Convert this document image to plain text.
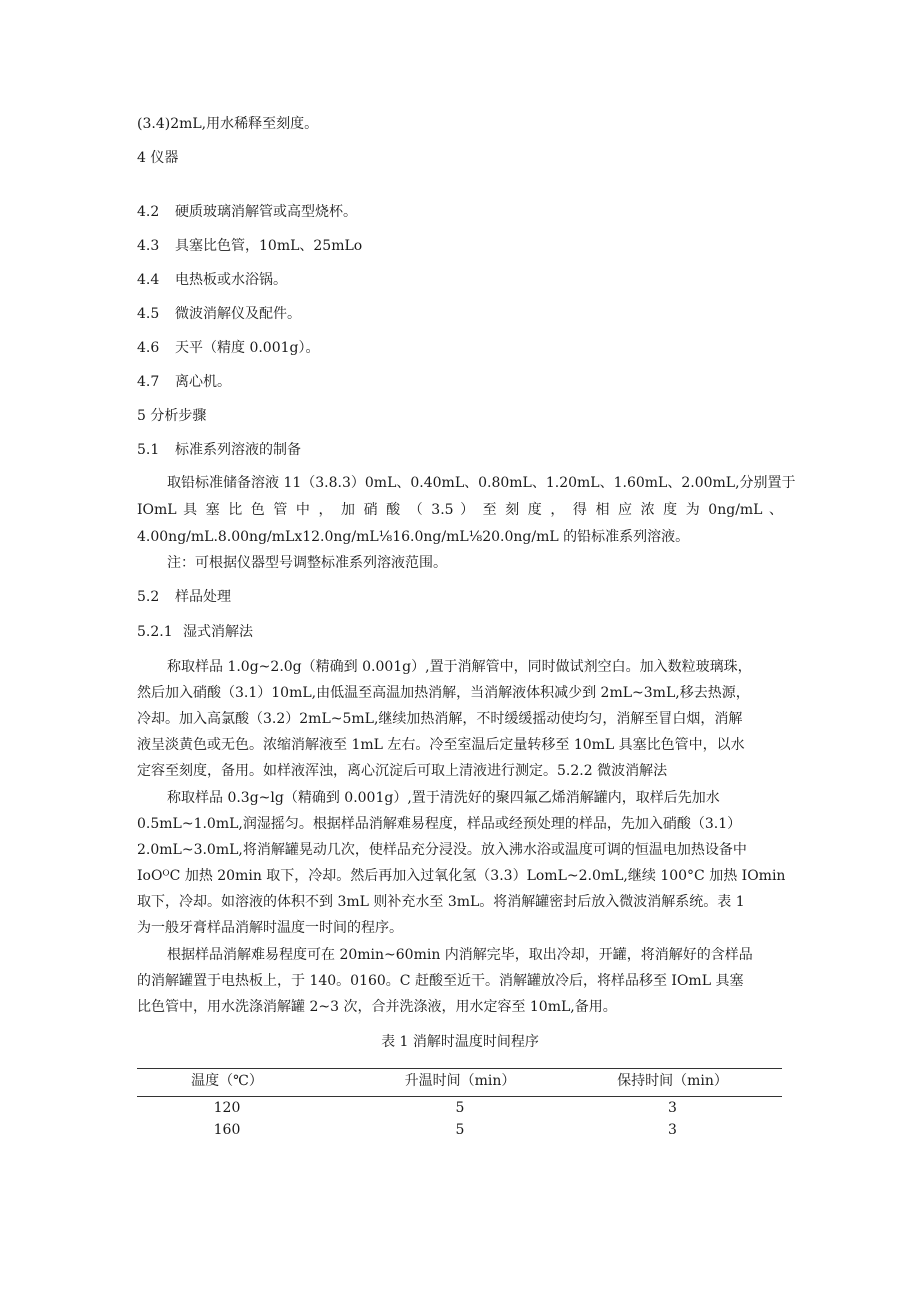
(3.4)2mL,用水稀释至刻度。
4 仪器
4.2 硬质玻璃消解管或高型烧杯。
4.3 具塞比色管，10mL、25mLo
4.4 电热板或水浴锅。
4.5 微波消解仪及配件。
4.6 天平（精度 0.001g）。
4.7 离心机。
5 分析步骤
5.1 标准系列溶液的制备
取铅标准储备溶液 11（3.8.3）0mL、0.40mL、0.80mL、1.20mL、1.60mL、2.00mL,分别置于
IOmL 具 塞 比 色 管 中 ， 加 硝 酸 （ 3.5 ） 至 刻 度 ， 得 相 应 浓 度 为 0ng/mL 、
4.00ng/mL.8.00ng/mLx12.0ng/mL⅛16.0ng/mL⅛20.0ng/mL 的铅标准系列溶液。
注：可根据仪器型号调整标准系列溶液范围。
5.2 样品处理
5.2.1 湿式消解法
称取样品 1.0g~2.0g（精确到 0.001g）,置于消解管中，同时做试剂空白。加入数粒玻璃珠，
然后加入硝酸（3.1）10mL,由低温至高温加热消解，当消解液体积减少到 2mL~3mL,移去热源，
冷却。加入高氯酸（3.2）2mL~5mL,继续加热消解，不时缓缓摇动使均匀，消解至冒白烟，消解
液呈淡黄色或无色。浓缩消解液至 1mL 左右。冷至室温后定量转移至 10mL 具塞比色管中，以水
定容至刻度，备用。如样液浑浊，离心沉淀后可取上清液进行测定。5.2.2 微波消解法
称取样品 0.3g~lg（精确到 0.001g）,置于清洗好的聚四氟乙烯消解罐内，取样后先加水
0.5mL~1.0mL,润湿摇匀。根据样品消解难易程度，样品或经预处理的样品，先加入硝酸（3.1）
2.0mL~3.0mL,将消解罐晃动几次，使样品充分浸没。放入沸水浴或温度可调的恒温电加热设备中
IoOᴼC 加热 20min 取下，冷却。然后再加入过氧化氢（3.3）LomL~2.0mL,继续 100°C 加热 IOmin
取下，冷却。如溶液的体积不到 3mL 则补充水至 3mL。将消解罐密封后放入微波消解系统。表 1
为一般牙膏样品消解时温度一时间的程序。
根据样品消解难易程度可在 20min~60min 内消解完毕，取出冷却，开罐，将消解好的含样品
的消解罐置于电热板上，于 140。0160。C 赶酸至近干。消解罐放冷后，将样品移至 IOmL 具塞
比色管中，用水洗涤消解罐 2~3 次，合并洗涤液，用水定容至 10mL,备用。
表 1 消解时温度时间程序
温度（℃）	升温时间（min）	保持时间（min）
120	5	3
160	5	3
